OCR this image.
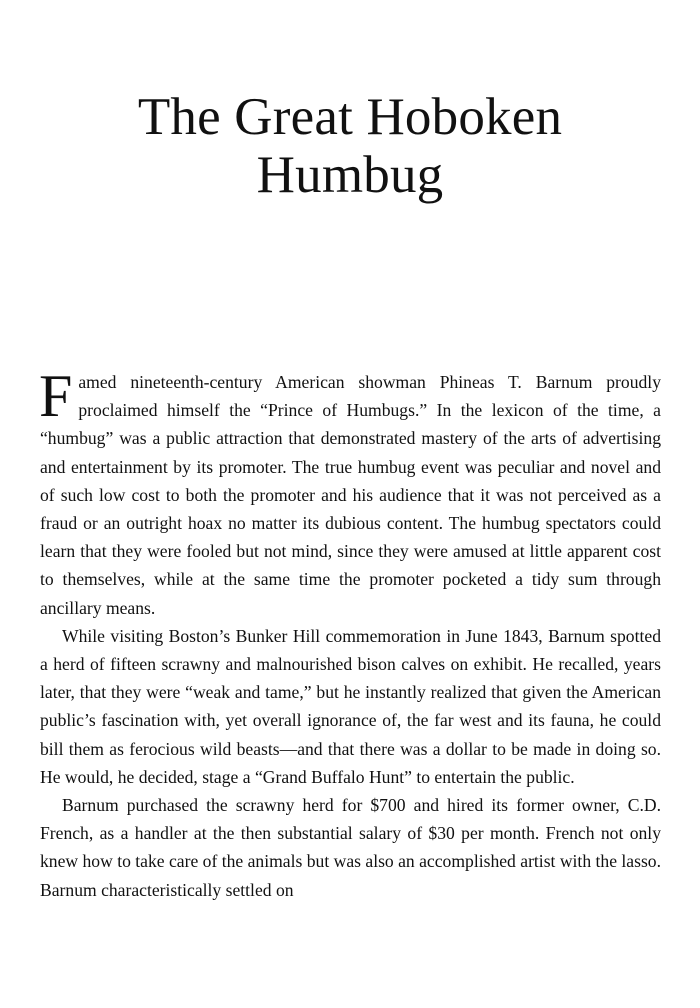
The Great Hoboken Humbug

Famed nineteenth-century American showman Phineas T. Barnum proudly proclaimed himself the “Prince of Humbugs.” In the lexicon of the time, a “humbug” was a public attraction that demonstrated mastery of the arts of advertising and entertainment by its promoter. The true humbug event was peculiar and novel and of such low cost to both the promoter and his audience that it was not perceived as a fraud or an outright hoax no matter its dubious content. The humbug spectators could learn that they were fooled but not mind, since they were amused at little apparent cost to themselves, while at the same time the promoter pocketed a tidy sum through ancillary means.

While visiting Boston’s Bunker Hill commemoration in June 1843, Barnum spotted a herd of fifteen scrawny and malnourished bison calves on exhibit. He recalled, years later, that they were “weak and tame,” but he instantly realized that given the American public’s fascination with, yet overall ignorance of, the far west and its fauna, he could bill them as ferocious wild beasts—and that there was a dollar to be made in doing so. He would, he decided, stage a “Grand Buffalo Hunt” to entertain the public.

Barnum purchased the scrawny herd for $700 and hired its former owner, C.D. French, as a handler at the then substantial salary of $30 per month. French not only knew how to take care of the animals but was also an accomplished artist with the lasso. Barnum characteristically settled on
